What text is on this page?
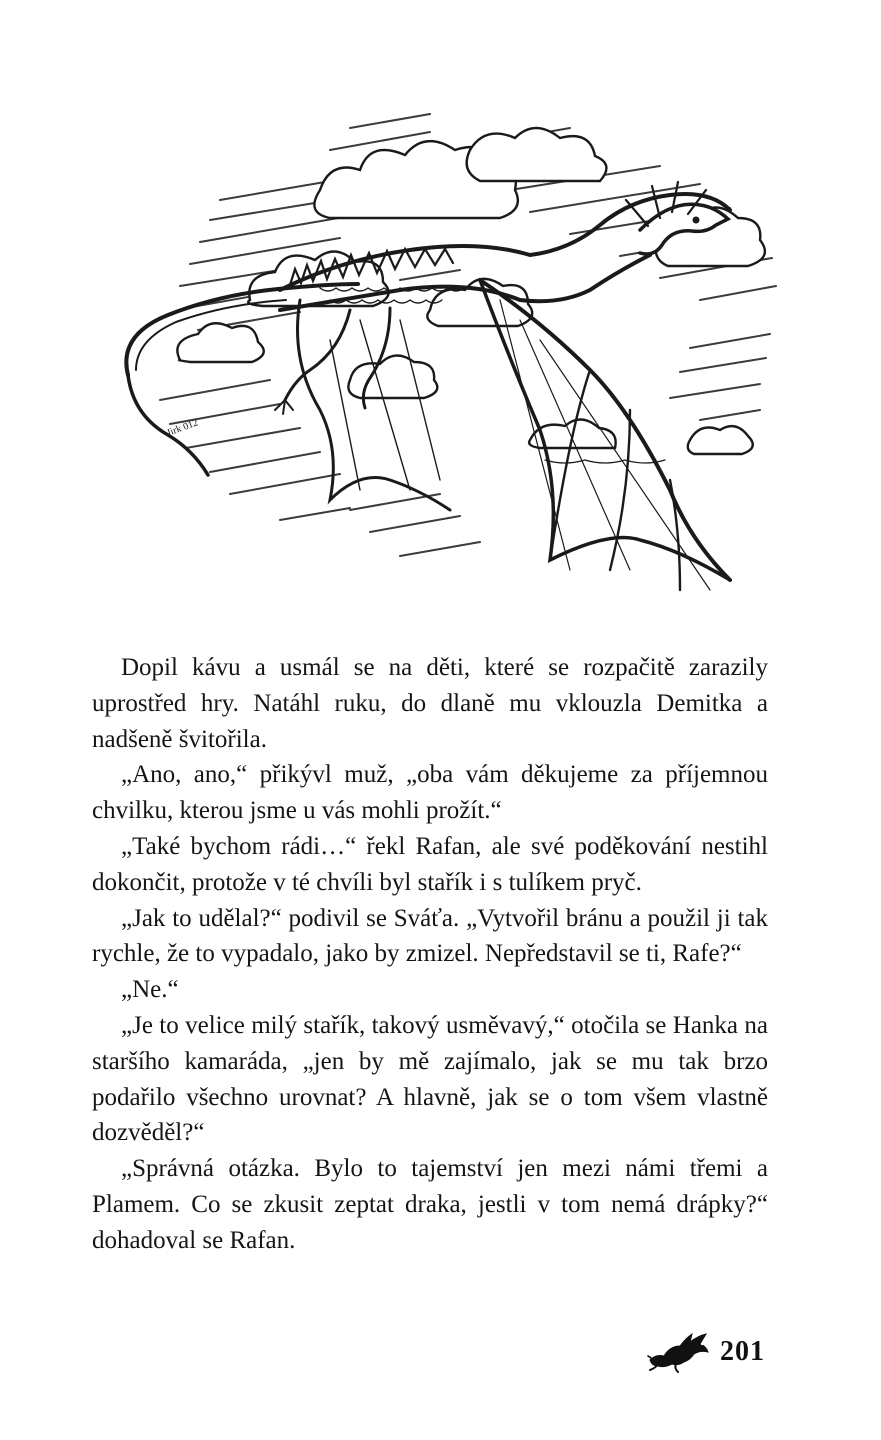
Jirk 012

Dopil kávu a usmál se na děti, které se rozpačitě zarazily uprostřed hry. Natáhl ruku, do dlaně mu vklouzla Demitka a nadšeně švitořila.

„Ano, ano,“ přikývl muž, „oba vám děkujeme za příjemnou chvilku, kterou jsme u vás mohli prožít.“

„Také bychom rádi…“ řekl Rafan, ale své poděkování nestihl dokončit, protože v té chvíli byl stařík i s tulíkem pryč.

„Jak to udělal?“ podivil se Sváťa. „Vytvořil bránu a použil ji tak rychle, že to vypadalo, jako by zmizel. Nepředstavil se ti, Rafe?“

„Ne.“

„Je to velice milý stařík, takový usměvavý,“ otočila se Hanka na staršího kamaráda, „jen by mě zajímalo, jak se mu tak brzo podařilo všechno urovnat? A hlavně, jak se o tom všem vlastně dozvěděl?“

„Správná otázka. Bylo to tajemství jen mezi námi třemi a Plamem. Co se zkusit zeptat draka, jestli v tom nemá drápky?“ dohadoval se Rafan.

201
